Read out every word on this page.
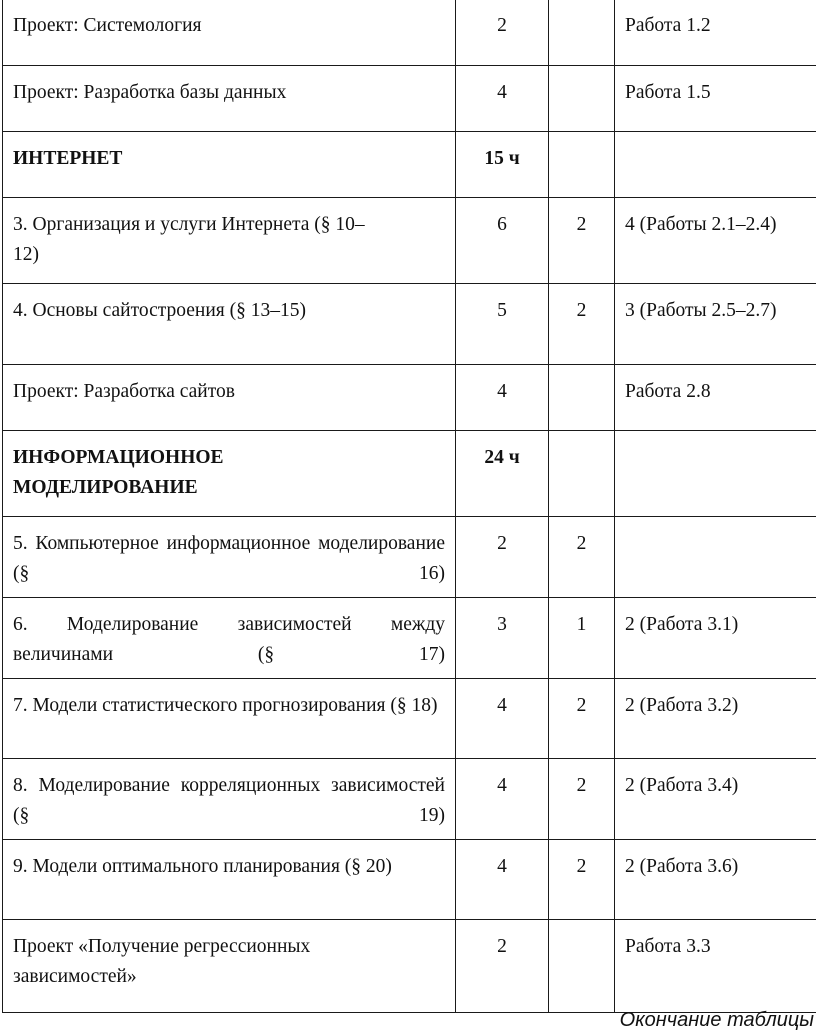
Проект: Системология	2		Работа 1.2
Проект: Разработка базы данных	4		Работа 1.5
ИНТЕРНЕТ	15 ч		
3. Организация и услуги Интернета (§ 10–12)	6	2	4 (Работы 2.1–2.4)
4. Основы сайтостроения (§ 13–15)	5	2	3 (Работы 2.5–2.7)
Проект: Разработка сайтов	4		Работа 2.8
ИНФОРМАЦИОННОЕ МОДЕЛИРОВАНИЕ	24 ч		
5. Компьютерное информационное моделирование (§ 16)	2	2	
6. Моделирование зависимостей между величинами (§ 17)	3	1	2 (Работа 3.1)
7. Модели статистического прогнозирования (§ 18)	4	2	2 (Работа 3.2)
8. Моделирование корреляционных зависимостей (§ 19)	4	2	2 (Работа 3.4)
9. Модели оптимального планирования (§ 20)	4	2	2 (Работа 3.6)
Проект «Получение регрессионных зависимостей»	2		Работа 3.3
Окончание таблицы
